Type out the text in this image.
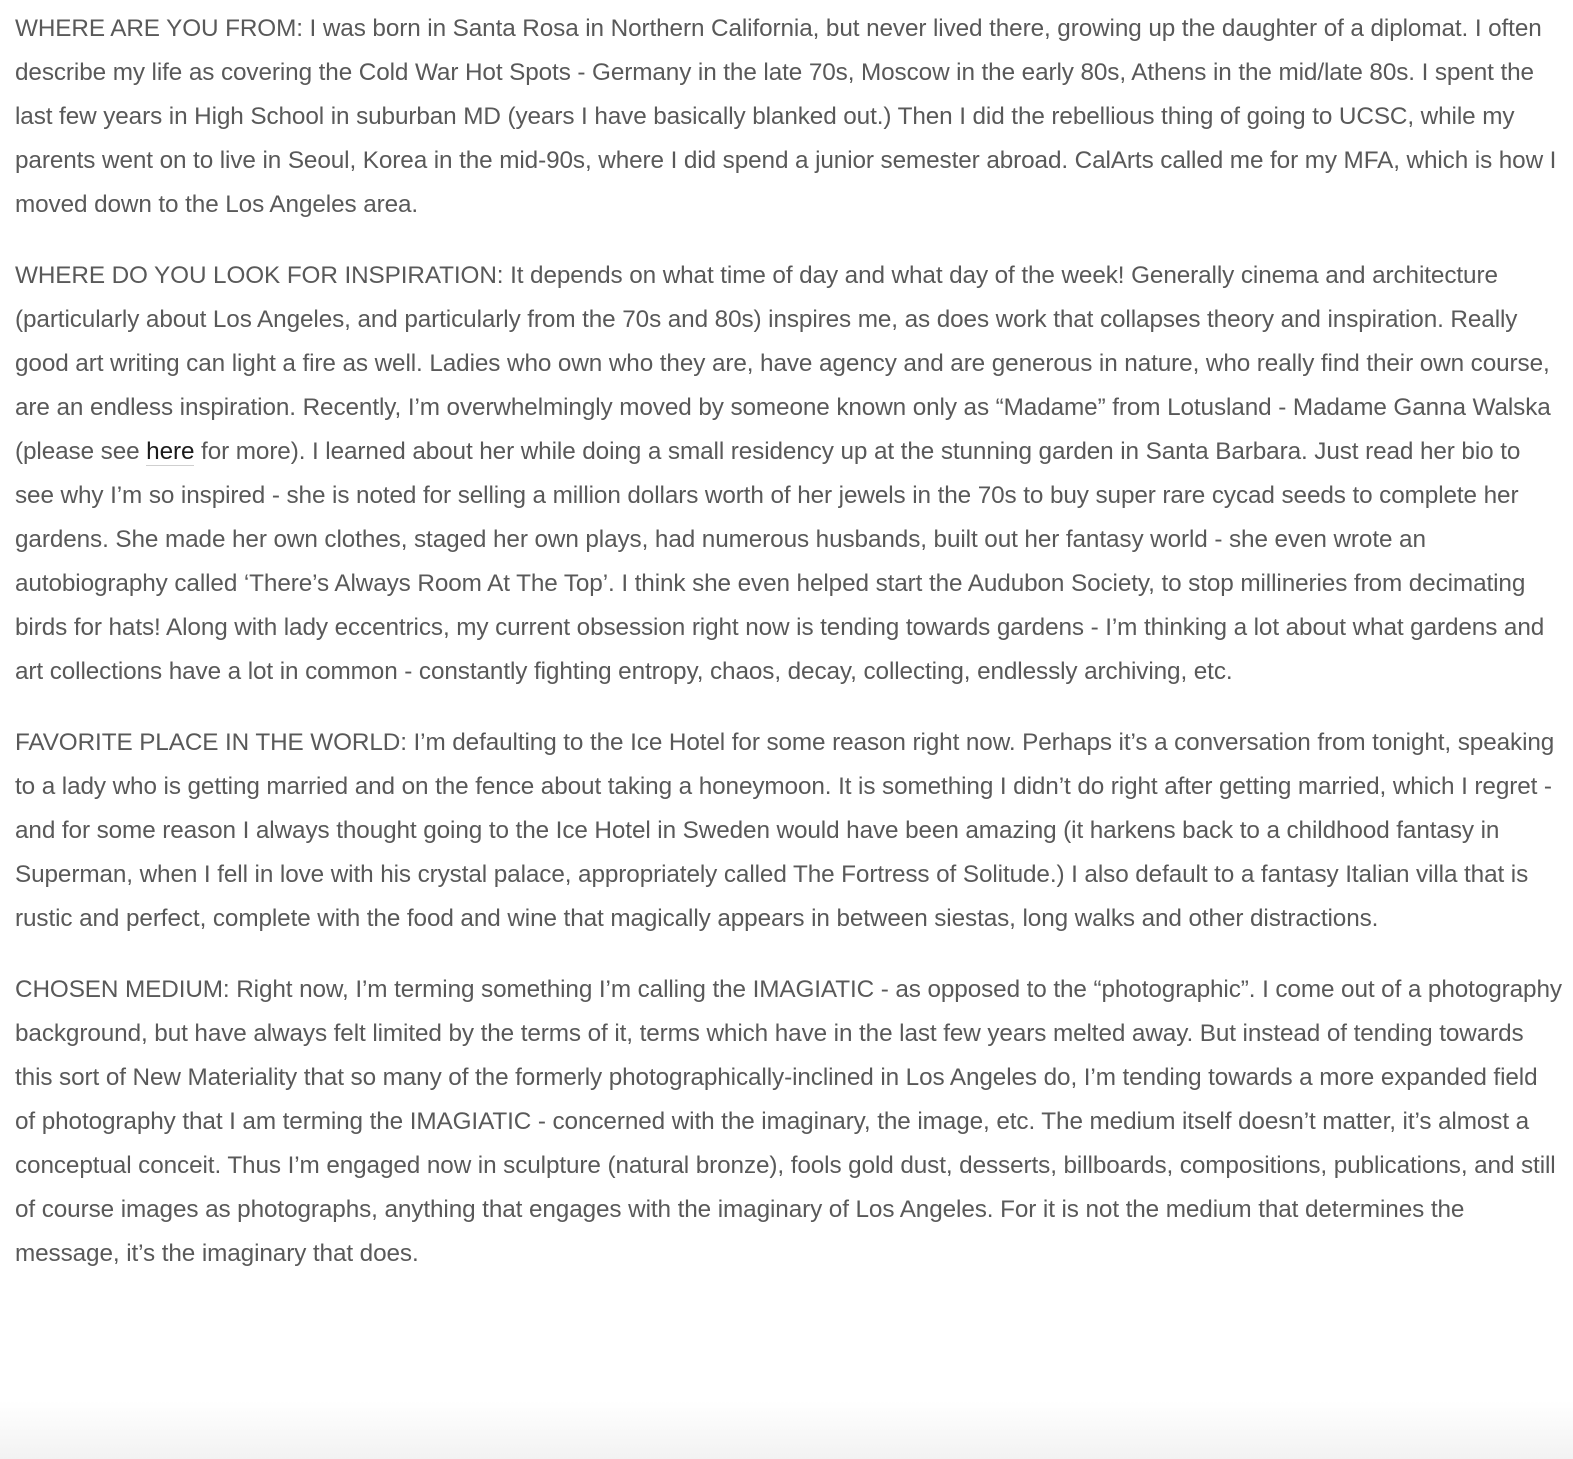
WHERE ARE YOU FROM: I was born in Santa Rosa in Northern California, but never lived there, growing up the daughter of a diplomat. I often describe my life as covering the Cold War Hot Spots - Germany in the late 70s, Moscow in the early 80s, Athens in the mid/late 80s. I spent the last few years in High School in suburban MD (years I have basically blanked out.) Then I did the rebellious thing of going to UCSC, while my parents went on to live in Seoul, Korea in the mid-90s, where I did spend a junior semester abroad. CalArts called me for my MFA, which is how I moved down to the Los Angeles area.

WHERE DO YOU LOOK FOR INSPIRATION: It depends on what time of day and what day of the week! Generally cinema and architecture (particularly about Los Angeles, and particularly from the 70s and 80s) inspires me, as does work that collapses theory and inspiration. Really good art writing can light a fire as well. Ladies who own who they are, have agency and are generous in nature, who really find their own course, are an endless inspiration. Recently, I’m overwhelmingly moved by someone known only as “Madame” from Lotusland - Madame Ganna Walska (please see here for more). I learned about her while doing a small residency up at the stunning garden in Santa Barbara. Just read her bio to see why I’m so inspired - she is noted for selling a million dollars worth of her jewels in the 70s to buy super rare cycad seeds to complete her gardens. She made her own clothes, staged her own plays, had numerous husbands, built out her fantasy world - she even wrote an autobiography called ‘There’s Always Room At The Top’. I think she even helped start the Audubon Society, to stop millineries from decimating birds for hats! Along with lady eccentrics, my current obsession right now is tending towards gardens - I’m thinking a lot about what gardens and art collections have a lot in common - constantly fighting entropy, chaos, decay, collecting, endlessly archiving, etc.

FAVORITE PLACE IN THE WORLD: I’m defaulting to the Ice Hotel for some reason right now. Perhaps it’s a conversation from tonight, speaking to a lady who is getting married and on the fence about taking a honeymoon. It is something I didn’t do right after getting married, which I regret - and for some reason I always thought going to the Ice Hotel in Sweden would have been amazing (it harkens back to a childhood fantasy in Superman, when I fell in love with his crystal palace, appropriately called The Fortress of Solitude.) I also default to a fantasy Italian villa that is rustic and perfect, complete with the food and wine that magically appears in between siestas, long walks and other distractions.

CHOSEN MEDIUM: Right now, I’m terming something I’m calling the IMAGIATIC - as opposed to the “photographic”. I come out of a photography background, but have always felt limited by the terms of it, terms which have in the last few years melted away. But instead of tending towards this sort of New Materiality that so many of the formerly photographically-inclined in Los Angeles do, I’m tending towards a more expanded field of photography that I am terming the IMAGIATIC - concerned with the imaginary, the image, etc. The medium itself doesn’t matter, it’s almost a conceptual conceit. Thus I’m engaged now in sculpture (natural bronze), fools gold dust, desserts, billboards, compositions, publications, and still of course images as photographs, anything that engages with the imaginary of Los Angeles. For it is not the medium that determines the message, it’s the imaginary that does.
